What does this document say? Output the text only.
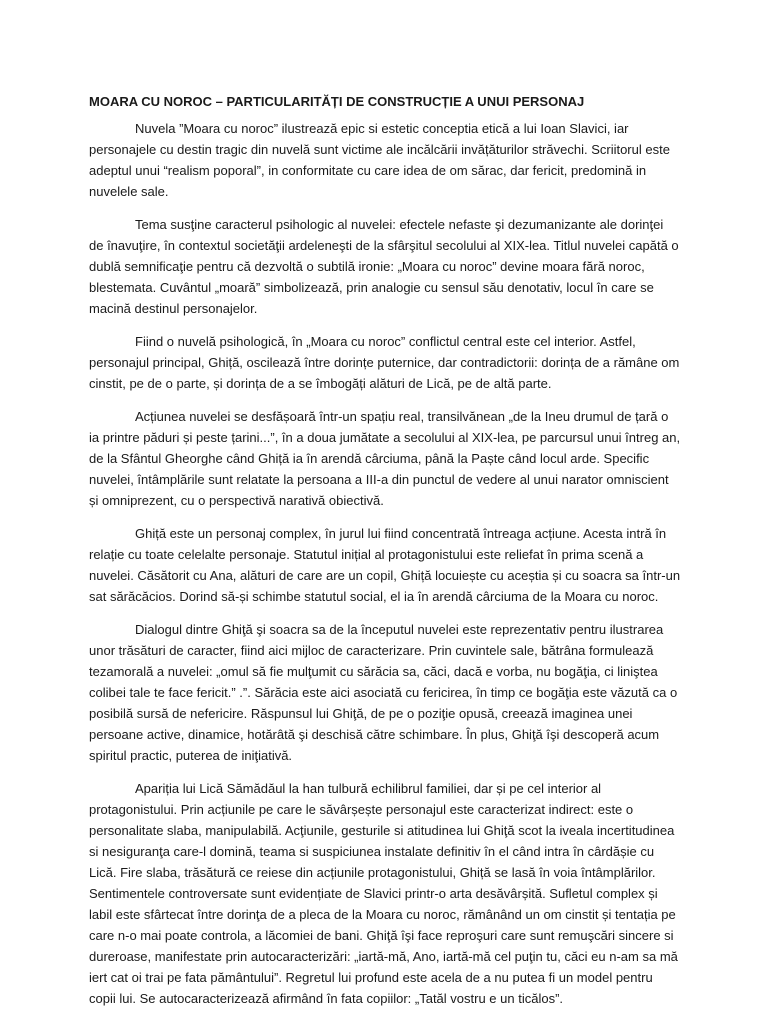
MOARA CU NOROC – PARTICULARITĂȚI DE CONSTRUCȚIE A UNUI PERSONAJ

Nuvela ”Moara cu noroc” ilustrează epic si estetic conceptia etică a lui Ioan Slavici, iar personajele cu destin tragic din nuvelă sunt victime ale incălcării invățăturilor străvechi. Scriitorul este adeptul unui “realism poporal”, in conformitate cu care idea de om sărac, dar fericit, predomină in nuvelele sale.

Tema susţine caracterul psihologic al nuvelei: efectele nefaste şi dezumanizante ale dorinţei de înavuţire, în contextul societăţii ardeleneşti de la sfârşitul secolului al XIX-lea. Titlul nuvelei capătă o dublă semnificaţie pentru că dezvoltă o subtilă ironie: „Moara cu noroc” devine moara fără noroc, blestemata. Cuvântul „moară” simbolizează, prin analogie cu sensul său denotativ, locul în care se macină destinul personajelor.

Fiind o nuvelă psihologică, în „Moara cu noroc” conflictul central este cel interior. Astfel, personajul principal, Ghiță, oscilează între dorințe puternice, dar contradictorii: dorința de a rămâne om cinstit, pe de o parte, și dorința de a se îmbogăți alături de Lică, pe de altă parte.

Acțiunea nuvelei se desfășoară într-un spațiu real, transilvănean „de la Ineu drumul de țară o ia printre păduri și peste țarini...”, în a doua jumătate a secolului al XIX-lea, pe parcursul unui întreg an, de la Sfântul Gheorghe când Ghiță ia în arendă cârciuma, până la Paște când locul arde. Specific nuvelei, întâmplările sunt relatate la persoana a III-a din punctul de vedere al unui narator omniscient și omniprezent, cu o perspectivă narativă obiectivă.

Ghiță este un personaj complex, în jurul lui fiind concentrată întreaga acțiune. Acesta intră în relație cu toate celelalte personaje. Statutul inițial al protagonistului este reliefat în prima scenă a nuvelei. Căsătorit cu Ana, alături de care are un copil, Ghiță locuiește cu aceștia și cu soacra sa într-un sat sărăcăcios. Dorind să-și schimbe statutul social, el ia în arendă cârciuma de la Moara cu noroc.

Dialogul dintre Ghiţă şi soacra sa de la începutul nuvelei este reprezentativ pentru ilustrarea unor trăsături de caracter, fiind aici mijloc de caracterizare. Prin cuvintele sale, bătrâna formulează tezamorală a nuvelei: „omul să fie mulţumit cu sărăcia sa, căci, dacă e vorba, nu bogăţia, ci liniştea colibei tale te face fericit.” .”. Sărăcia este aici asociată cu fericirea, în timp ce bogăţia este văzută ca o posibilă sursă de nefericire. Răspunsul lui Ghiţă, de pe o poziţie opusă, creează imaginea unei persoane active, dinamice, hotărâtă şi deschisă către schimbare. În plus, Ghiţă îşi descoperă acum spiritul practic, puterea de iniţiativă.

Apariția lui Lică Sămădăul la han tulbură echilibrul familiei, dar și pe cel interior al protagonistului. Prin acțiunile pe care le săvârșește personajul este caracterizat indirect: este o personalitate slaba, manipulabilă. Acţiunile, gesturile si atitudinea lui Ghiţă scot la iveala incertitudinea si nesiguranţa care-l domină, teama si suspiciunea instalate definitiv în el când intra în cârdășie cu Lică. Fire slaba, trăsătură ce reiese din acțiunile protagonistului, Ghiță se lasă în voia întâmplărilor. Sentimentele controversate sunt evidențiate de Slavici printr-o arta desăvârșită. Sufletul complex și labil este sfârtecat între dorinţa de a pleca de la Moara cu noroc, rămânând un om cinstit și tentația pe care n-o mai poate controla, a lăcomiei de bani. Ghiţă îşi face reproşuri care sunt remuşcări sincere si dureroase, manifestate prin autocaracterizări: „iartă-mă, Ano, iartă-mă cel puţin tu, căci eu n-am sa mă iert cat oi trai pe fata pământului”. Regretul lui profund este acela de a nu putea fi un model pentru copii lui. Se autocaracterizează afirmând în fata copiilor: „Tatăl vostru e un ticălos”.
